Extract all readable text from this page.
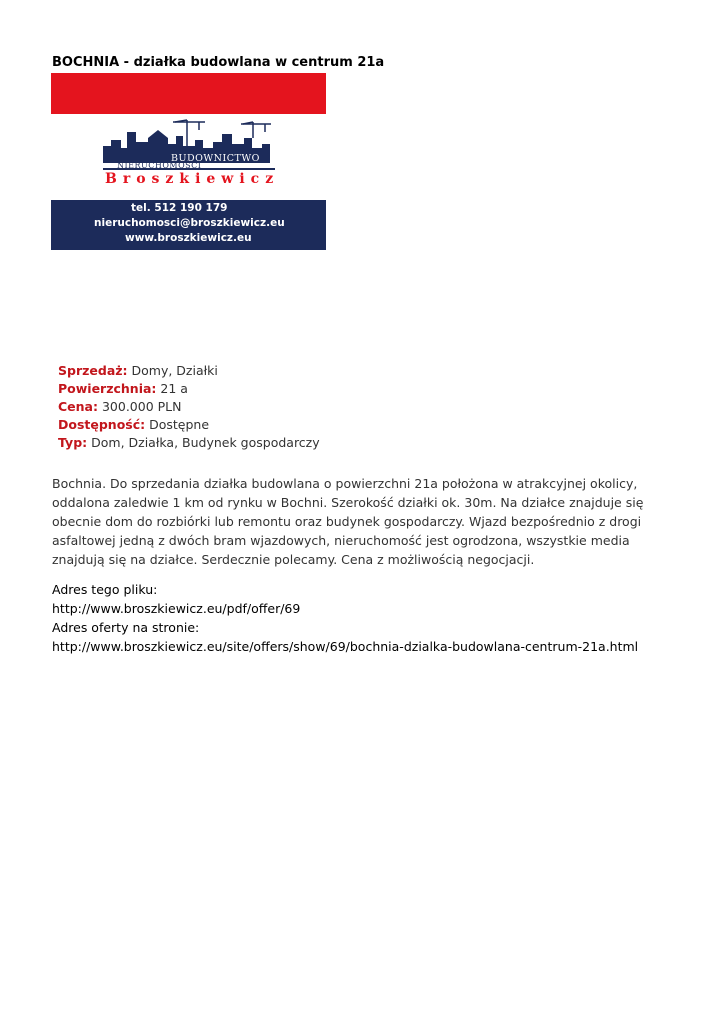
BOCHNIA - działka budowlana w centrum 21a
BUDOWNICTWO
NIERUCHOMOŚCI
Broszkiewicz
tel. 512 190 179
nieruchomosci@broszkiewicz.eu
www.broszkiewicz.eu
Sprzedaż: Domy, Działki
Powierzchnia: 21 a
Cena: 300.000 PLN
Dostępność: Dostępne
Typ: Dom, Działka, Budynek gospodarczy
Bochnia. Do sprzedania działka budowlana o powierzchni 21a położona w atrakcyjnej okolicy, oddalona zaledwie 1 km od rynku w Bochni. Szerokość działki ok. 30m. Na działce znajduje się obecnie dom do rozbiórki lub remontu oraz budynek gospodarczy. Wjazd bezpośrednio z drogi asfaltowej jedną z dwóch bram wjazdowych, nieruchomość jest ogrodzona, wszystkie media znajdują się na działce. Serdecznie polecamy. Cena z możliwością negocjacji.
Adres tego pliku:
http://www.broszkiewicz.eu/pdf/offer/69
Adres oferty na stronie:
http://www.broszkiewicz.eu/site/offers/show/69/bochnia-dzialka-budowlana-centrum-21a.html
